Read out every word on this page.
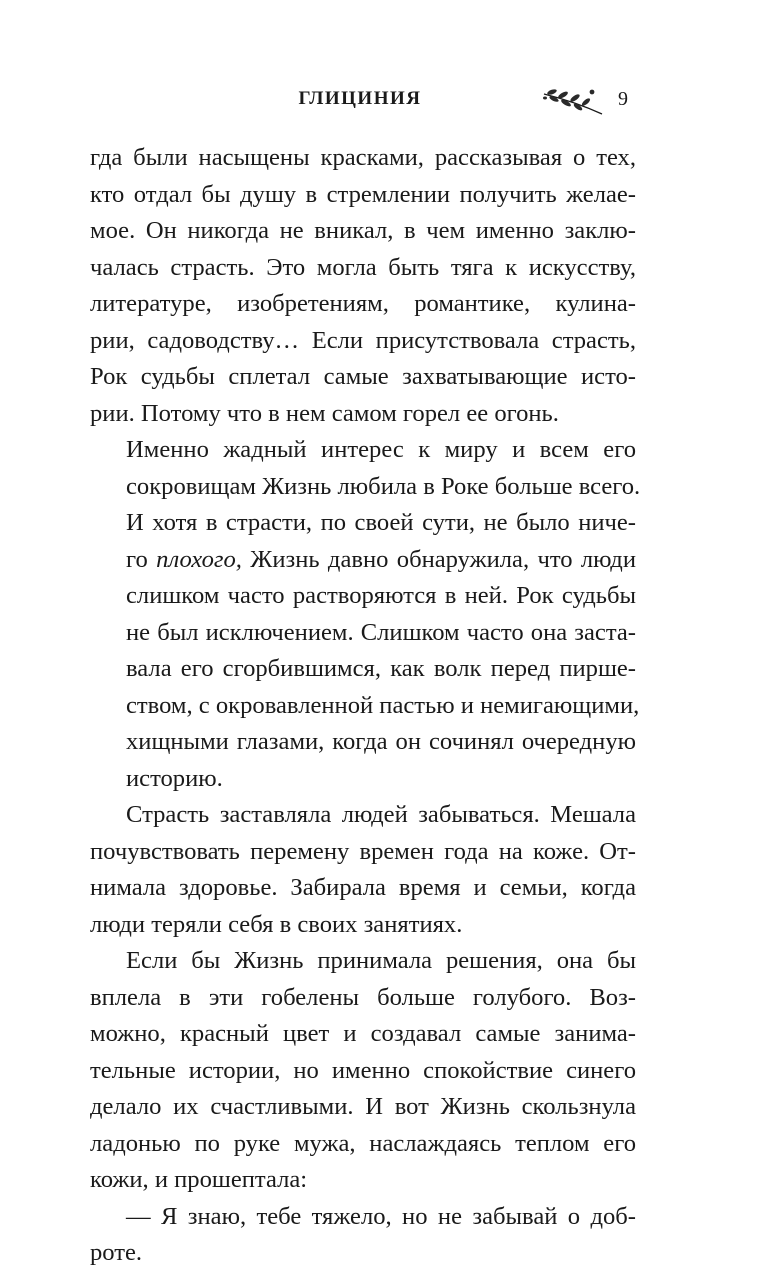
ГЛИЦИНИЯ	9

гда были насыщены красками, рассказывая о тех,
кто отдал бы душу в стремлении получить желае-
мое. Он никогда не вникал, в чем именно заклю-
чалась страсть. Это могла быть тяга к искусству,
литературе, изобретениям, романтике, кулина-
рии, садоводству… Если присутствовала страсть,
Рок судьбы сплетал самые захватывающие исто-
рии. Потому что в нем самом горел ее огонь.

Именно жадный интерес к миру и всем его
сокровищам Жизнь любила в Роке больше всего.
И хотя в страсти, по своей сути, не было ниче-
го плохого, Жизнь давно обнаружила, что люди
слишком часто растворяются в ней. Рок судьбы
не был исключением. Слишком часто она заста-
вала его сгорбившимся, как волк перед пирше-
ством, с окровавленной пастью и немигающими,
хищными глазами, когда он сочинял очередную
историю.

Страсть заставляла людей забываться. Мешала
почувствовать перемену времен года на коже. От-
нимала здоровье. Забирала время и семьи, когда
люди теряли себя в своих занятиях.

Если бы Жизнь принимала решения, она бы
вплела в эти гобелены больше голубого. Воз-
можно, красный цвет и создавал самые занима-
тельные истории, но именно спокойствие синего
делало их счастливыми. И вот Жизнь скользнула
ладонью по руке мужа, наслаждаясь теплом его
кожи, и прошептала:

— Я знаю, тебе тяжело, но не забывай о доб-
роте.
